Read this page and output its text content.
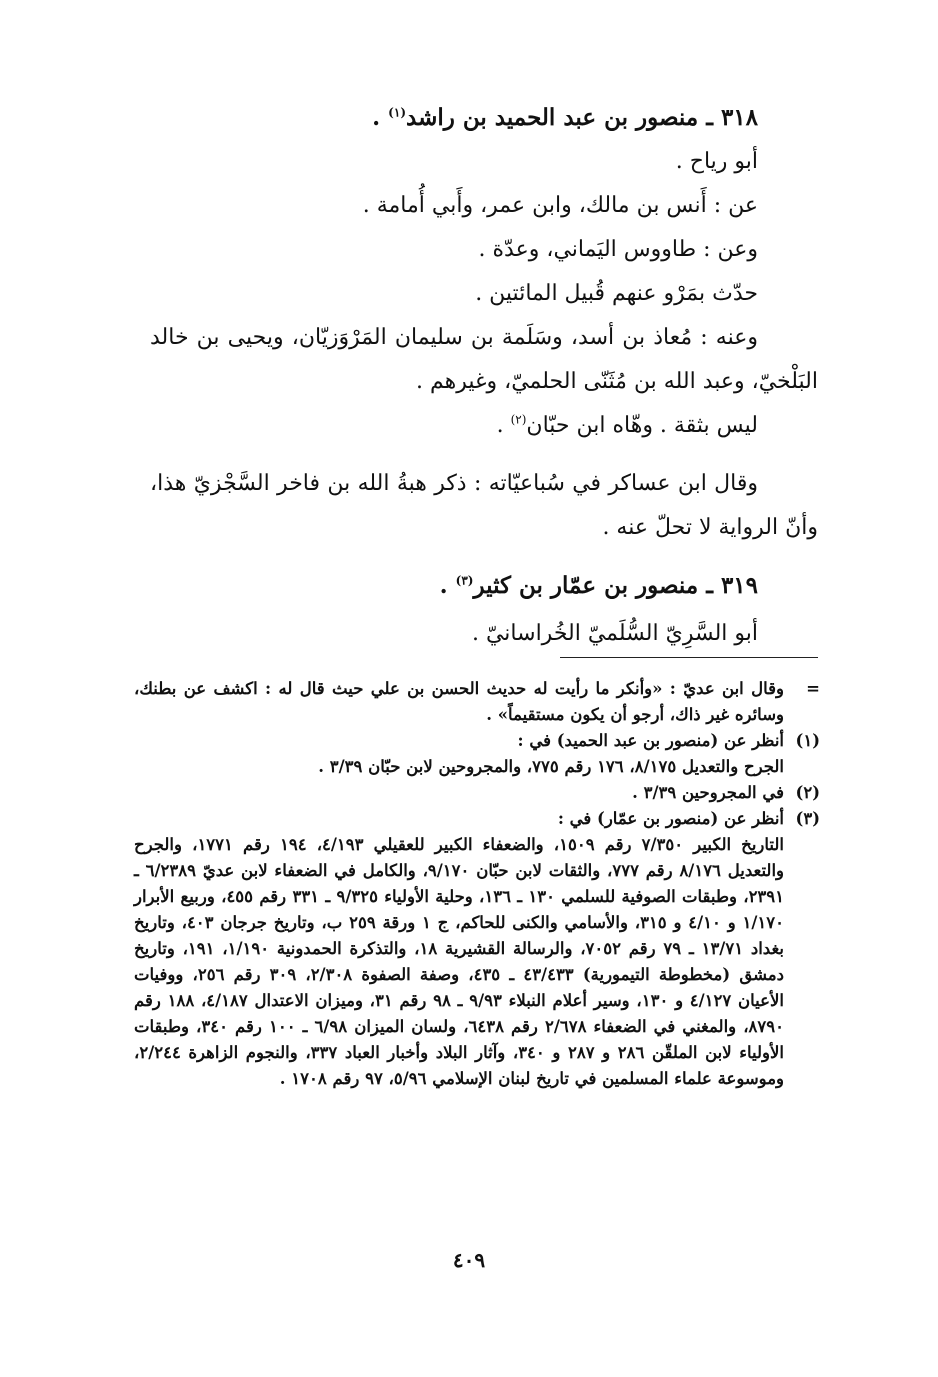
٣١٨ ـ منصور بن عبد الحميد بن راشد$^{(١)}$ .

أبو رياح .

عن : أَنس بن مالك، وابن عمر، وأَبي أُمامة .

وعن : طاووس اليَماني، وعدّة .

حدّث بمَرْو عنهم قُبيل المائتين .

وعنه : مُعاذ بن أسد، وسَلَمة بن سليمان المَرْوَزيّان، ويحيى بن خالد البَلْخيّ، وعبد الله بن مُثَنّى الحلميّ، وغيرهم .

ليس بثقة . وهّاه ابن حبّان$^{(٢)}$ .

وقال ابن عساكر في سُباعيّاته : ذكر هبةُ الله بن فاخر السَّجْزيّ هذا، وأنّ الرواية لا تحلّ عنه .

٣١٩ ـ منصور بن عمّار بن كثير$^{(٣)}$ .

أبو السَّرِيّ السُّلَميّ الخُراسانيّ .

=

وقال ابن عديّ : «وأنكر ما رأيت له حديث الحسن بن علي حيث قال له : اكشف عن بطنك، وسائره غير ذاك، أرجو أن يكون مستقيماً» .

(١)

أنظر عن (منصور بن عبد الحميد) في :

الجرح والتعديل ٨/١٧٥، ١٧٦ رقم ٧٧٥، والمجروحين لابن حبّان ٣/٣٩ .

(٢)

في المجروحين ٣/٣٩ .

(٣)

أنظر عن (منصور بن عمّار) في :

التاريخ الكبير ٧/٣٥٠ رقم ١٥٠٩، والضعفاء الكبير للعقيلي ٤/١٩٣، ١٩٤ رقم ١٧٧١، والجرح والتعديل ٨/١٧٦ رقم ٧٧٧، والثقات لابن حبّان ٩/١٧٠، والكامل في الضعفاء لابن عديّ ٦/٢٣٨٩ ـ ٢٣٩١، وطبقات الصوفية للسلمي ١٣٠ ـ ١٣٦، وحلية الأولياء ٩/٣٢٥ ـ ٣٣١ رقم ٤٥٥، وربيع الأبرار ١/١٧٠ و ٤/١٠ و ٣١٥، والأسامي والكنى للحاكم، ج ١ ورقة ٢٥٩ ب، وتاريخ جرجان ٤٠٣، وتاريخ بغداد ١٣/٧١ ـ ٧٩ رقم ٧٠٥٢، والرسالة القشيرية ١٨، والتذكرة الحمدونية ١/١٩٠، ١٩١، وتاريخ دمشق (مخطوطة التيمورية) ٤٣/٤٣٣ ـ ٤٣٥، وصفة الصفوة ٢/٣٠٨، ٣٠٩ رقم ٢٥٦، ووفيات الأعيان ٤/١٢٧ و ١٣٠، وسير أعلام النبلاء ٩/٩٣ ـ ٩٨ رقم ٣١، وميزان الاعتدال ٤/١٨٧، ١٨٨ رقم ٨٧٩٠، والمغني في الضعفاء ٢/٦٧٨ رقم ٦٤٣٨، ولسان الميزان ٦/٩٨ ـ ١٠٠ رقم ٣٤٠، وطبقات الأولياء لابن الملقّن ٢٨٦ و ٢٨٧ و ٣٤٠، وآثار البلاد وأخبار العباد ٣٣٧، والنجوم الزاهرة ٢/٢٤٤، وموسوعة علماء المسلمين في تاريخ لبنان الإسلامي ٥/٩٦، ٩٧ رقم ١٧٠٨ .

٤٠٩
